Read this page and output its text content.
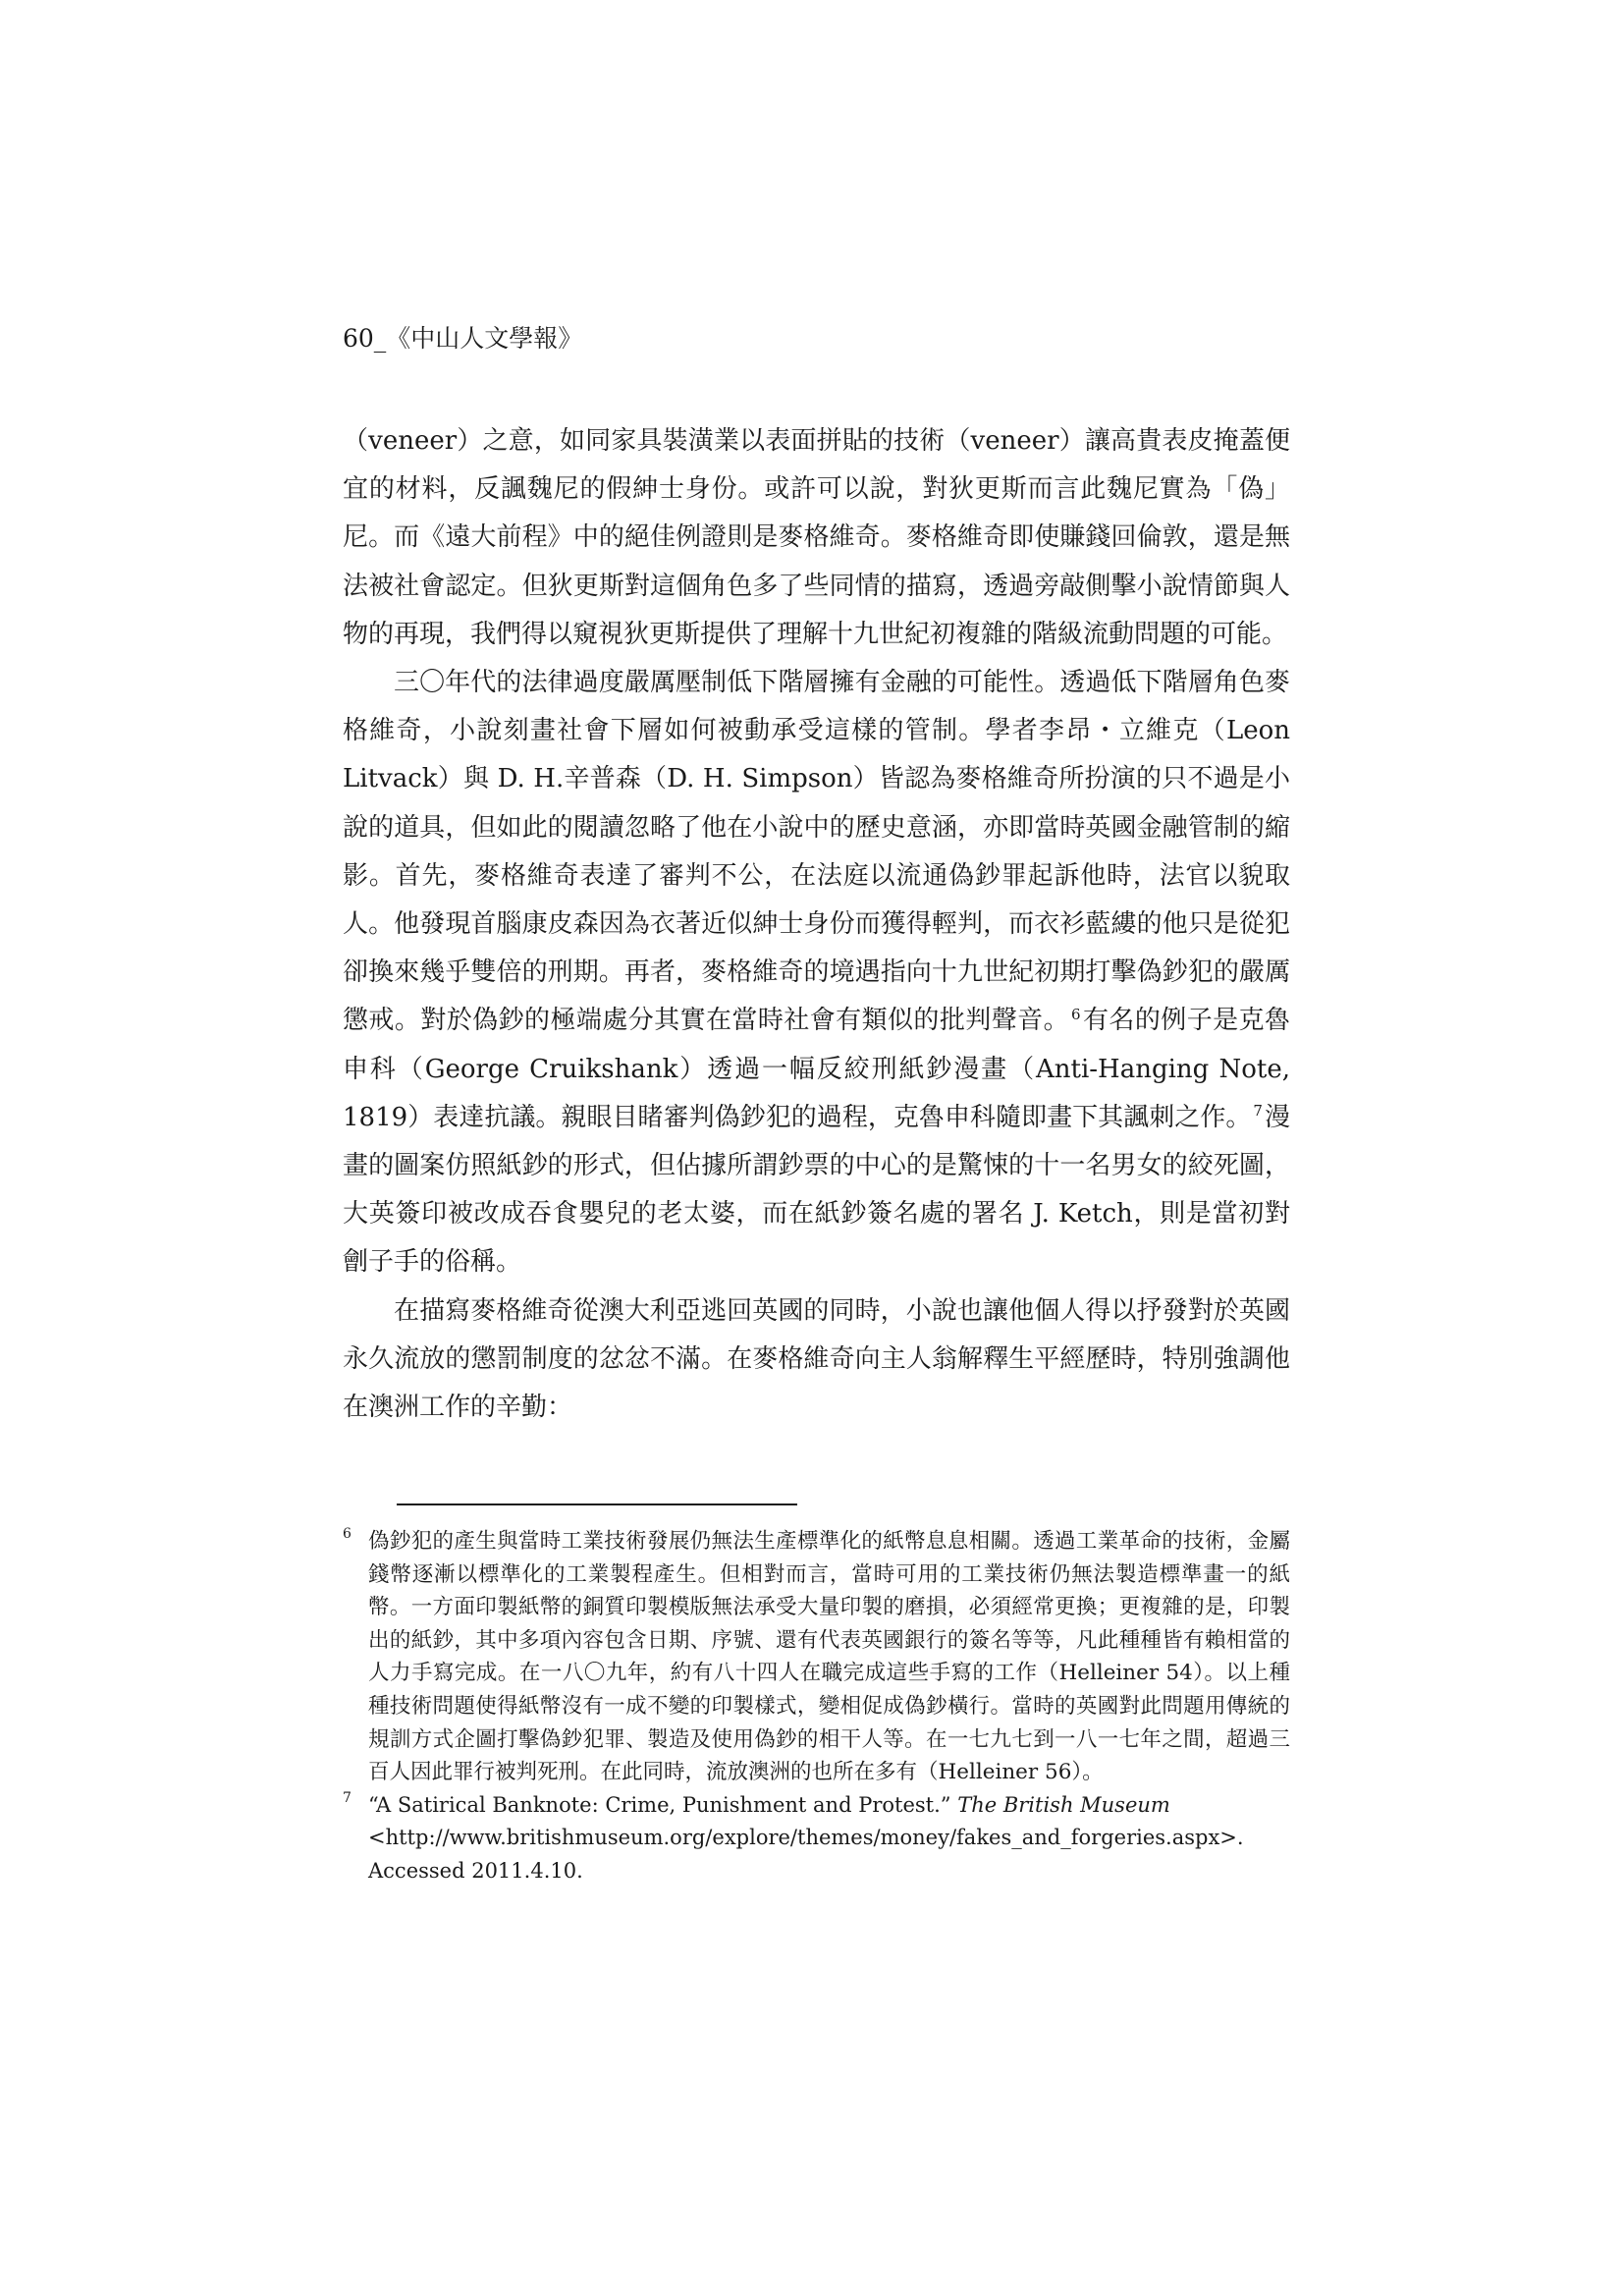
60_《中山人文學報》

（veneer）之意，如同家具裝潢業以表面拼貼的技術（veneer）讓高貴表皮掩蓋便宜的材料，反諷魏尼的假紳士身份。或許可以說，對狄更斯而言此魏尼實為「偽」尼。而《遠大前程》中的絕佳例證則是麥格維奇。麥格維奇即使賺錢回倫敦，還是無法被社會認定。但狄更斯對這個角色多了些同情的描寫，透過旁敲側擊小說情節與人物的再現，我們得以窺視狄更斯提供了理解十九世紀初複雜的階級流動問題的可能。

三〇年代的法律過度嚴厲壓制低下階層擁有金融的可能性。透過低下階層角色麥格維奇，小說刻畫社會下層如何被動承受這樣的管制。學者李昂・立維克（Leon Litvack）與 D. H.辛普森（D. H. Simpson）皆認為麥格維奇所扮演的只不過是小說的道具，但如此的閱讀忽略了他在小說中的歷史意涵，亦即當時英國金融管制的縮影。首先，麥格維奇表達了審判不公，在法庭以流通偽鈔罪起訴他時，法官以貌取人。他發現首腦康皮森因為衣著近似紳士身份而獲得輕判，而衣衫藍縷的他只是從犯卻換來幾乎雙倍的刑期。再者，麥格維奇的境遇指向十九世紀初期打擊偽鈔犯的嚴厲懲戒。對於偽鈔的極端處分其實在當時社會有類似的批判聲音。 $^6$有名的例子是克魯申科（George Cruikshank）透過一幅反絞刑紙鈔漫畫（Anti-Hanging Note, 1819）表達抗議。親眼目睹審判偽鈔犯的過程，克魯申科隨即畫下其諷刺之作。 $^7$漫畫的圖案仿照紙鈔的形式，但佔據所謂鈔票的中心的是驚悚的十一名男女的絞死圖，大英簽印被改成吞食嬰兒的老太婆，而在紙鈔簽名處的署名 J. Ketch，則是當初對劊子手的俗稱。

在描寫麥格維奇從澳大利亞逃回英國的同時，小說也讓他個人得以抒發對於英國永久流放的懲罰制度的忿忿不滿。在麥格維奇向主人翁解釋生平經歷時，特別強調他在澳洲工作的辛勤：

6 偽鈔犯的產生與當時工業技術發展仍無法生產標準化的紙幣息息相關。透過工業革命的技術，金屬錢幣逐漸以標準化的工業製程產生。但相對而言，當時可用的工業技術仍無法製造標準畫一的紙幣。一方面印製紙幣的銅質印製模版無法承受大量印製的磨損，必須經常更換；更複雜的是，印製出的紙鈔，其中多項內容包含日期、序號、還有代表英國銀行的簽名等等，凡此種種皆有賴相當的人力手寫完成。在一八〇九年，約有八十四人在職完成這些手寫的工作（Helleiner 54）。以上種種技術問題使得紙幣沒有一成不變的印製樣式，變相促成偽鈔橫行。當時的英國對此問題用傳統的規訓方式企圖打擊偽鈔犯罪、製造及使用偽鈔的相干人等。在一七九七到一八一七年之間，超過三百人因此罪行被判死刑。在此同時，流放澳洲的也所在多有（Helleiner 56）。

7 “A Satirical Banknote: Crime, Punishment and Protest.” The British Museum
<http://www.britishmuseum.org/explore/themes/money/fakes_and_forgeries.aspx>.
Accessed 2011.4.10.
